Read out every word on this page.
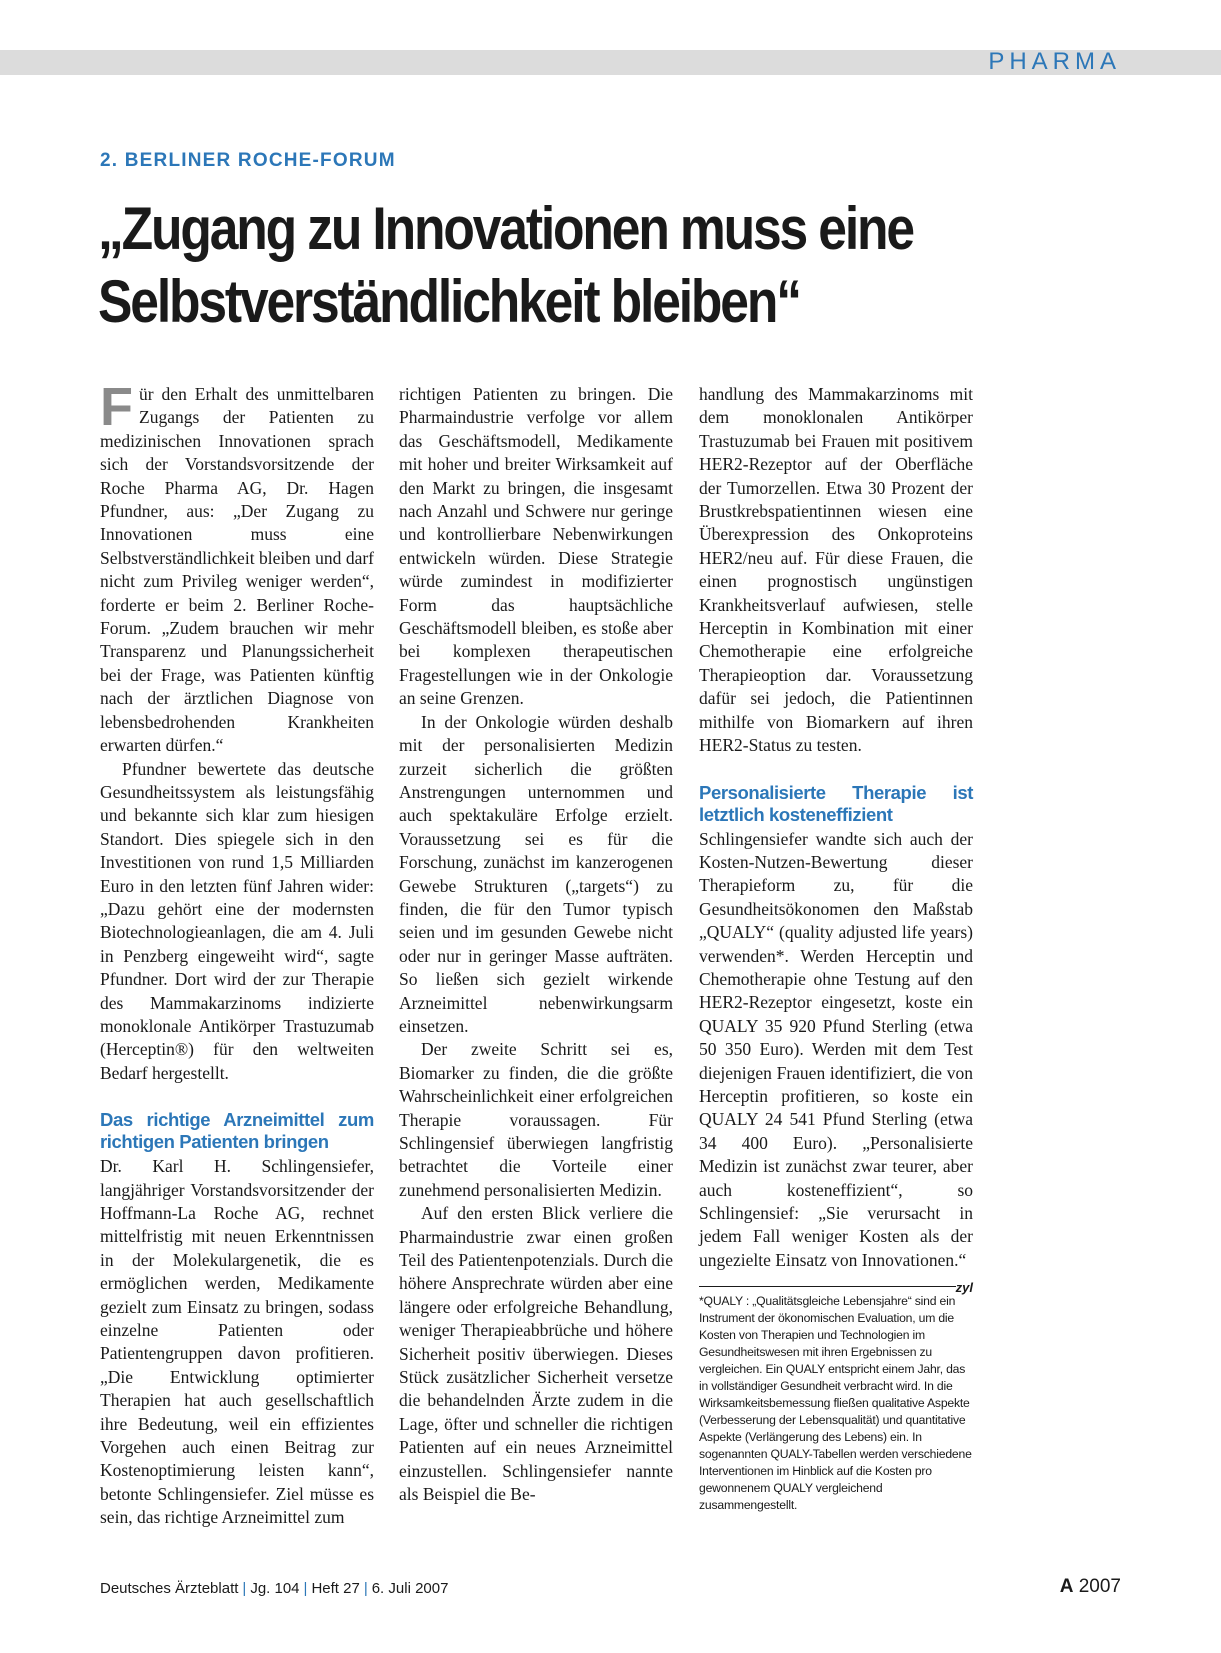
PHARMA
2. BERLINER ROCHE-FORUM
„Zugang zu Innovationen muss eine
Selbstverständlichkeit bleiben“

Für den Erhalt des unmittelbaren Zugangs der Patienten zu medizinischen Innovationen sprach sich der Vorstandsvorsitzende der Roche Pharma AG, Dr. Hagen Pfundner, aus: „Der Zugang zu Innovationen muss eine Selbstverständlichkeit bleiben und darf nicht zum Privileg weniger werden“, forderte er beim 2. Berliner Roche-Forum. „Zudem brauchen wir mehr Transparenz und Planungssicherheit bei der Frage, was Patienten künftig nach der ärztlichen Diagnose von lebensbedrohenden Krankheiten erwarten dürfen.“

Pfundner bewertete das deutsche Gesundheitssystem als leistungsfähig und bekannte sich klar zum hiesigen Standort. Dies spiegele sich in den Investitionen von rund 1,5 Milliarden Euro in den letzten fünf Jahren wider: „Dazu gehört eine der modernsten Biotechnologieanlagen, die am 4. Juli in Penzberg eingeweiht wird“, sagte Pfundner. Dort wird der zur Therapie des Mammakarzinoms indizierte monoklonale Antikörper Trastuzumab (Herceptin®) für den weltweiten Bedarf hergestellt.

Das richtige Arzneimittel zum richtigen Patienten bringen

Dr. Karl H. Schlingensiefer, langjähriger Vorstandsvorsitzender der Hoffmann-La Roche AG, rechnet mittelfristig mit neuen Erkenntnissen in der Molekulargenetik, die es ermöglichen werden, Medikamente gezielt zum Einsatz zu bringen, sodass einzelne Patienten oder Patientengruppen davon profitieren. „Die Entwicklung optimierter Therapien hat auch gesellschaftlich ihre Bedeutung, weil ein effizientes Vorgehen auch einen Beitrag zur Kostenoptimierung leisten kann“, betonte Schlingensiefer. Ziel müsse es sein, das richtige Arzneimittel zum

richtigen Patienten zu bringen. Die Pharmaindustrie verfolge vor allem das Geschäftsmodell, Medikamente mit hoher und breiter Wirksamkeit auf den Markt zu bringen, die insgesamt nach Anzahl und Schwere nur geringe und kontrollierbare Nebenwirkungen entwickeln würden. Diese Strategie würde zumindest in modifizierter Form das hauptsächliche Geschäftsmodell bleiben, es stoße aber bei komplexen therapeutischen Fragestellungen wie in der Onkologie an seine Grenzen.

In der Onkologie würden deshalb mit der personalisierten Medizin zurzeit sicherlich die größten Anstrengungen unternommen und auch spektakuläre Erfolge erzielt. Voraussetzung sei es für die Forschung, zunächst im kanzerogenen Gewebe Strukturen („targets“) zu finden, die für den Tumor typisch seien und im gesunden Gewebe nicht oder nur in geringer Masse aufträten. So ließen sich gezielt wirkende Arzneimittel nebenwirkungsarm einsetzen.

Der zweite Schritt sei es, Biomarker zu finden, die die größte Wahrscheinlichkeit einer erfolgreichen Therapie voraussagen. Für Schlingensief überwiegen langfristig betrachtet die Vorteile einer zunehmend personalisierten Medizin.

Auf den ersten Blick verliere die Pharmaindustrie zwar einen großen Teil des Patientenpotenzials. Durch die höhere Ansprechrate würden aber eine längere oder erfolgreiche Behandlung, weniger Therapieabbrüche und höhere Sicherheit positiv überwiegen. Dieses Stück zusätzlicher Sicherheit versetze die behandelnden Ärzte zudem in die Lage, öfter und schneller die richtigen Patienten auf ein neues Arzneimittel einzustellen. Schlingensiefer nannte als Beispiel die Be-

handlung des Mammakarzinoms mit dem monoklonalen Antikörper Trastuzumab bei Frauen mit positivem HER2-Rezeptor auf der Oberfläche der Tumorzellen. Etwa 30 Prozent der Brustkrebspatientinnen wiesen eine Überexpression des Onkoproteins HER2/neu auf. Für diese Frauen, die einen prognostisch ungünstigen Krankheitsverlauf aufwiesen, stelle Herceptin in Kombination mit einer Chemotherapie eine erfolgreiche Therapieoption dar. Voraussetzung dafür sei jedoch, die Patientinnen mithilfe von Biomarkern auf ihren HER2-Status zu testen.

Personalisierte Therapie ist letztlich kosteneffizient

Schlingensiefer wandte sich auch der Kosten-Nutzen-Bewertung dieser Therapieform zu, für die Gesundheitsökonomen den Maßstab „QUALY“ (quality adjusted life years) verwenden*. Werden Herceptin und Chemotherapie ohne Testung auf den HER2-Rezeptor eingesetzt, koste ein QUALY 35 920 Pfund Sterling (etwa 50 350 Euro). Werden mit dem Test diejenigen Frauen identifiziert, die von Herceptin profitieren, so koste ein QUALY 24 541 Pfund Sterling (etwa 34 400 Euro). „Personalisierte Medizin ist zunächst zwar teurer, aber auch kosteneffizient“, so Schlingensief: „Sie verursacht in jedem Fall weniger Kosten als der ungezielte Einsatz von Innovationen.“
zyl

*QUALY : „Qualitätsgleiche Lebensjahre“ sind ein Instrument der ökonomischen Evaluation, um die Kosten von Therapien und Technologien im Gesundheitswesen mit ihren Ergebnissen zu vergleichen. Ein QUALY entspricht einem Jahr, das in vollständiger Gesundheit verbracht wird. In die Wirksamkeitsbemessung fließen qualitative Aspekte (Verbesserung der Lebensqualität) und quantitative Aspekte (Verlängerung des Lebens) ein. In sogenannten QUALY-Tabellen werden verschiedene Interventionen im Hinblick auf die Kosten pro gewonnenem QUALY vergleichend zusammengestellt.
Deutsches Ärzteblatt | Jg. 104 | Heft 27 | 6. Juli 2007	A 2007
